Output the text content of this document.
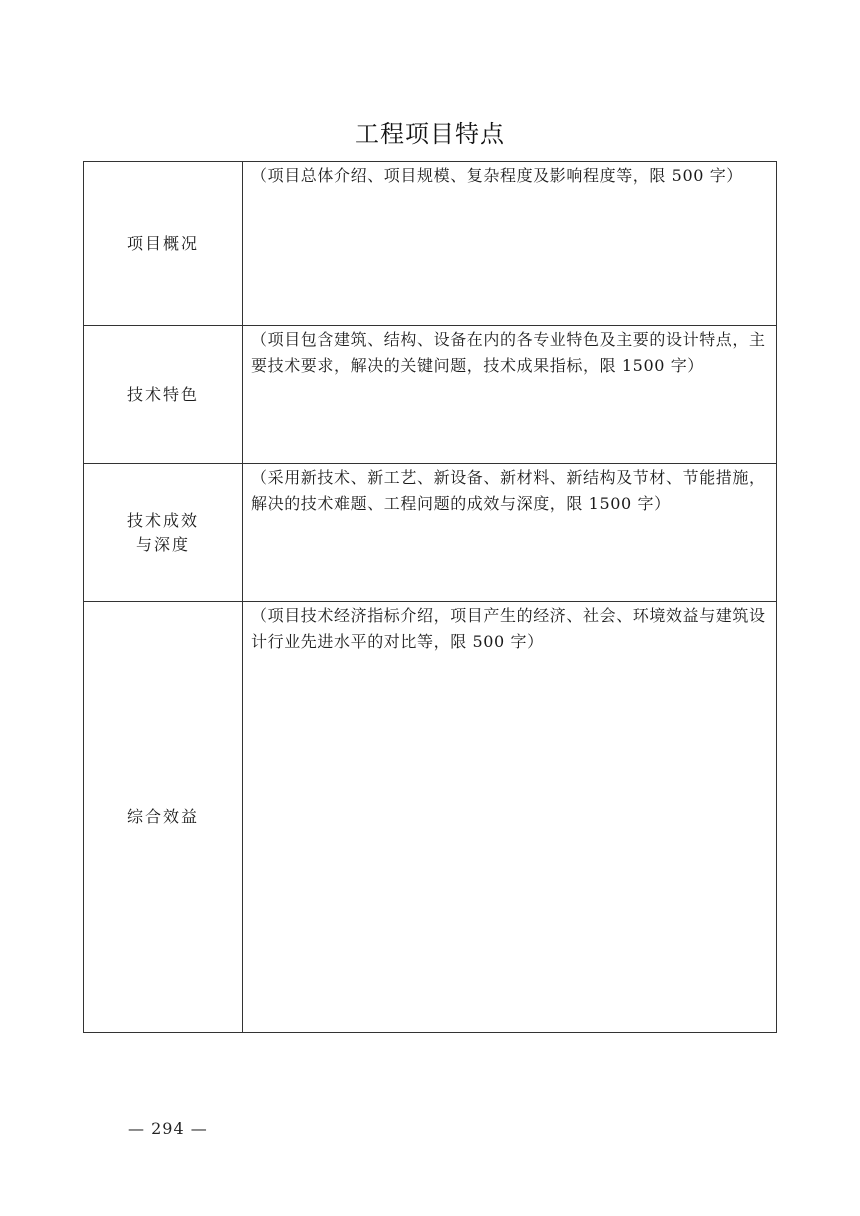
工程项目特点
项目概况	（项目总体介绍、项目规模、复杂程度及影响程度等，限 500 字）

技术特色	（项目包含建筑、结构、设备在内的各专业特色及主要的设计特点，主要技术要求，解决的关键问题，技术成果指标，限 1500 字）

技术成效
与深度	（采用新技术、新工艺、新设备、新材料、新结构及节材、节能措施，解决的技术难题、工程问题的成效与深度，限 1500 字）

综合效益	（项目技术经济指标介绍，项目产生的经济、社会、环境效益与建筑设计行业先进水平的对比等，限 500 字）
— 294 —
